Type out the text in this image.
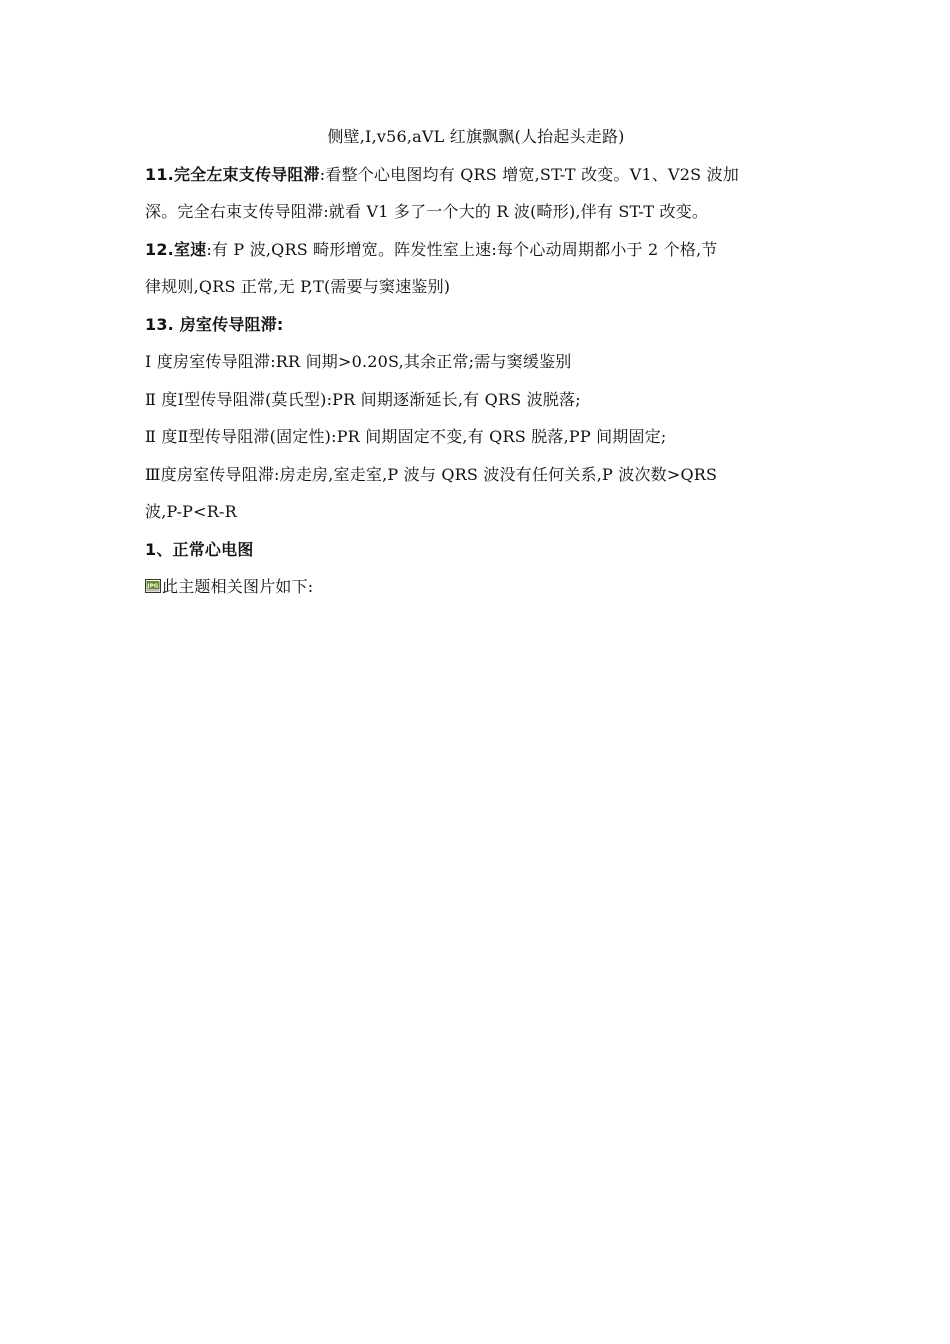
侧壁,Ⅰ,v56,aVL 红旗飘飘(人抬起头走路)
11.完全左束支传导阻滞:看整个心电图均有 QRS 增宽,ST-T 改变。V1、V2S 波加
深。完全右束支传导阻滞:就看 V1 多了一个大的 R 波(畸形),伴有 ST-T 改变。
12.室速:有 P 波,QRS 畸形增宽。阵发性室上速:每个心动周期都小于 2 个格,节
律规则,QRS 正常,无 P,T(需要与窦速鉴别)
13. 房室传导阻滞:
Ⅰ 度房室传导阻滞:RR 间期>0.20S,其余正常;需与窦缓鉴别
Ⅱ 度Ⅰ型传导阻滞(莫氏型):PR 间期逐渐延长,有 QRS 波脱落;
Ⅱ 度Ⅱ型传导阻滞(固定性):PR 间期固定不变,有 QRS 脱落,PP 间期固定;
Ⅲ度房室传导阻滞:房走房,室走室,P 波与 QRS 波没有任何关系,P 波次数>QRS
波,P-P<R-R
1、正常心电图
JPG 此主题相关图片如下:
